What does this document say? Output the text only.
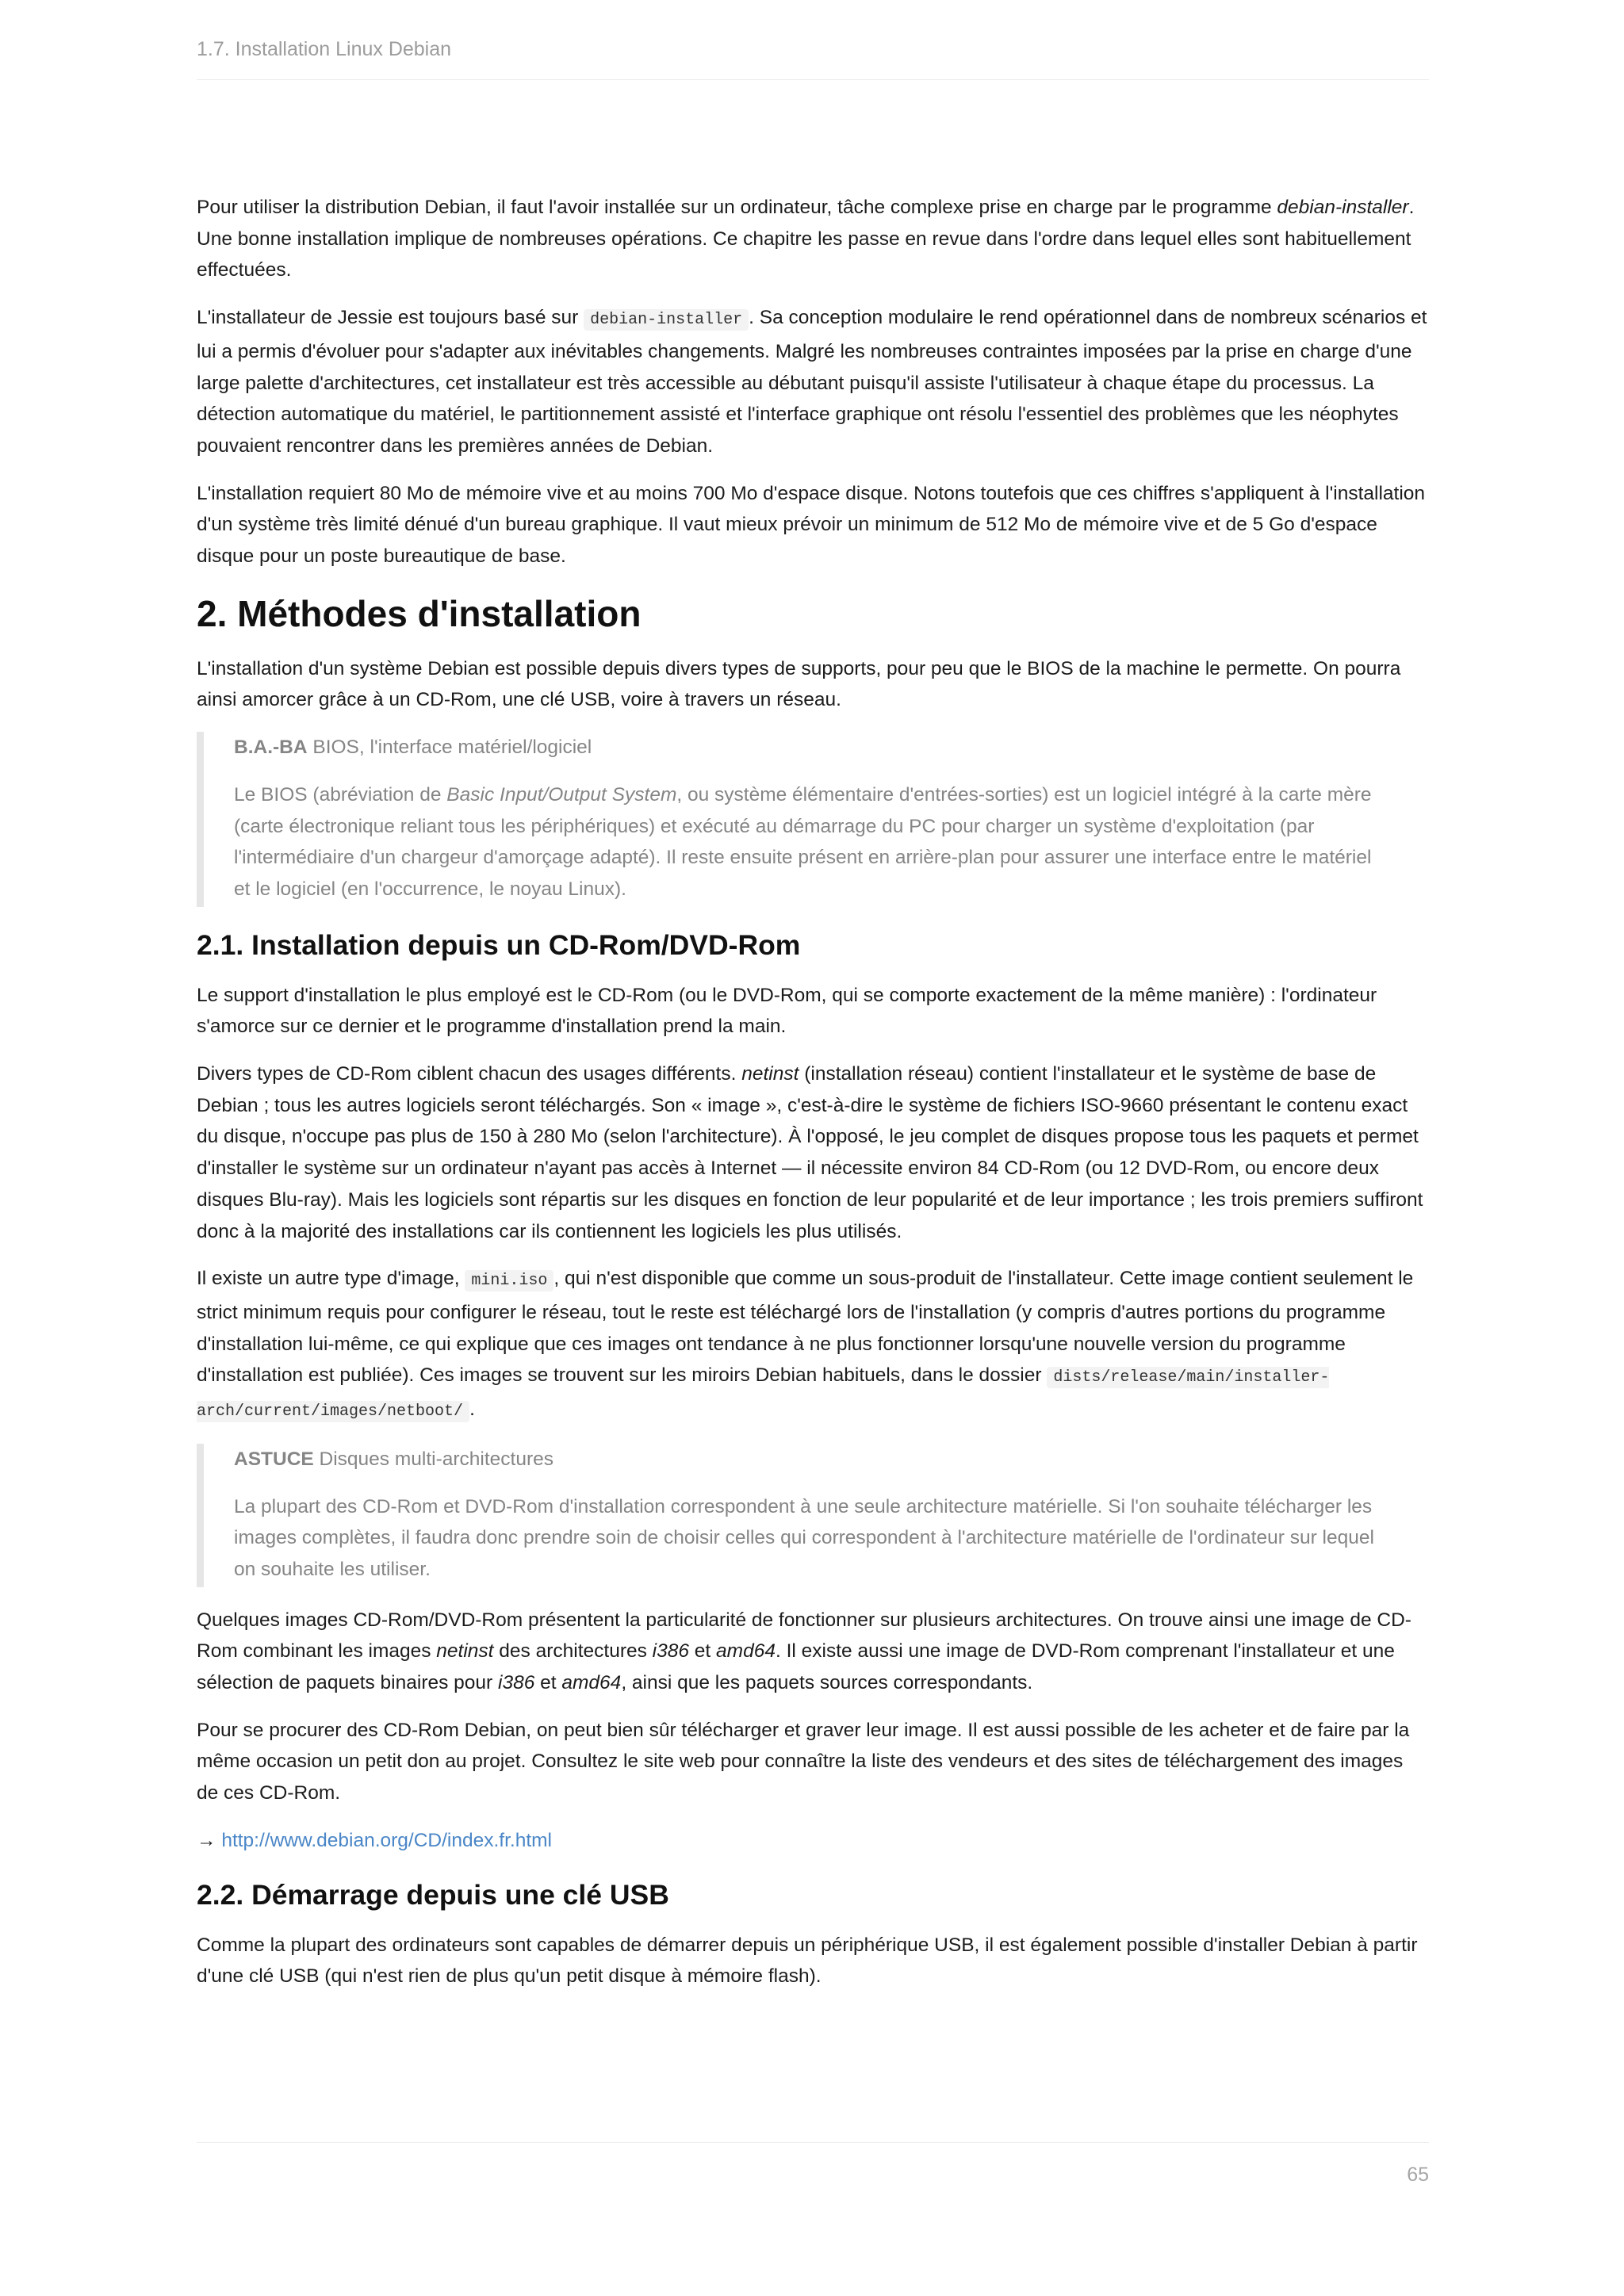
1.7. Installation Linux Debian

Pour utiliser la distribution Debian, il faut l'avoir installée sur un ordinateur, tâche complexe prise en charge par le programme debian-installer. Une bonne installation implique de nombreuses opérations. Ce chapitre les passe en revue dans l'ordre dans lequel elles sont habituellement effectuées.

L'installateur de Jessie est toujours basé sur debian-installer . Sa conception modulaire le rend opérationnel dans de nombreux scénarios et lui a permis d'évoluer pour s'adapter aux inévitables changements. Malgré les nombreuses contraintes imposées par la prise en charge d'une large palette d'architectures, cet installateur est très accessible au débutant puisqu'il assiste l'utilisateur à chaque étape du processus. La détection automatique du matériel, le partitionnement assisté et l'interface graphique ont résolu l'essentiel des problèmes que les néophytes pouvaient rencontrer dans les premières années de Debian.

L'installation requiert 80 Mo de mémoire vive et au moins 700 Mo d'espace disque. Notons toutefois que ces chiffres s'appliquent à l'installation d'un système très limité dénué d'un bureau graphique. Il vaut mieux prévoir un minimum de 512 Mo de mémoire vive et de 5 Go d'espace disque pour un poste bureautique de base.

2. Méthodes d'installation

L'installation d'un système Debian est possible depuis divers types de supports, pour peu que le BIOS de la machine le permette. On pourra ainsi amorcer grâce à un CD-Rom, une clé USB, voire à travers un réseau.

B.A.-BA BIOS, l'interface matériel/logiciel

Le BIOS (abréviation de Basic Input/Output System, ou système élémentaire d'entrées-sorties) est un logiciel intégré à la carte mère (carte électronique reliant tous les périphériques) et exécuté au démarrage du PC pour charger un système d'exploitation (par l'intermédiaire d'un chargeur d'amorçage adapté). Il reste ensuite présent en arrière-plan pour assurer une interface entre le matériel et le logiciel (en l'occurrence, le noyau Linux).

2.1. Installation depuis un CD-Rom/DVD-Rom

Le support d'installation le plus employé est le CD-Rom (ou le DVD-Rom, qui se comporte exactement de la même manière) : l'ordinateur s'amorce sur ce dernier et le programme d'installation prend la main.

Divers types de CD-Rom ciblent chacun des usages différents. netinst (installation réseau) contient l'installateur et le système de base de Debian ; tous les autres logiciels seront téléchargés. Son « image », c'est-à-dire le système de fichiers ISO-9660 présentant le contenu exact du disque, n'occupe pas plus de 150 à 280 Mo (selon l'architecture). À l'opposé, le jeu complet de disques propose tous les paquets et permet d'installer le système sur un ordinateur n'ayant pas accès à Internet — il nécessite environ 84 CD-Rom (ou 12 DVD-Rom, ou encore deux disques Blu-ray). Mais les logiciels sont répartis sur les disques en fonction de leur popularité et de leur importance ; les trois premiers suffiront donc à la majorité des installations car ils contiennent les logiciels les plus utilisés.

Il existe un autre type d'image, mini.iso , qui n'est disponible que comme un sous-produit de l'installateur. Cette image contient seulement le strict minimum requis pour configurer le réseau, tout le reste est téléchargé lors de l'installation (y compris d'autres portions du programme d'installation lui-même, ce qui explique que ces images ont tendance à ne plus fonctionner lorsqu'une nouvelle version du programme d'installation est publiée). Ces images se trouvent sur les miroirs Debian habituels, dans le dossier dists/release/main/installer-arch/current/images/netboot/ .

ASTUCE Disques multi-architectures

La plupart des CD-Rom et DVD-Rom d'installation correspondent à une seule architecture matérielle. Si l'on souhaite télécharger les images complètes, il faudra donc prendre soin de choisir celles qui correspondent à l'architecture matérielle de l'ordinateur sur lequel on souhaite les utiliser.

Quelques images CD-Rom/DVD-Rom présentent la particularité de fonctionner sur plusieurs architectures. On trouve ainsi une image de CD-Rom combinant les images netinst des architectures i386 et amd64. Il existe aussi une image de DVD-Rom comprenant l'installateur et une sélection de paquets binaires pour i386 et amd64, ainsi que les paquets sources correspondants.

Pour se procurer des CD-Rom Debian, on peut bien sûr télécharger et graver leur image. Il est aussi possible de les acheter et de faire par la même occasion un petit don au projet. Consultez le site web pour connaître la liste des vendeurs et des sites de téléchargement des images de ces CD-Rom.

→ http://www.debian.org/CD/index.fr.html

2.2. Démarrage depuis une clé USB

Comme la plupart des ordinateurs sont capables de démarrer depuis un périphérique USB, il est également possible d'installer Debian à partir d'une clé USB (qui n'est rien de plus qu'un petit disque à mémoire flash).

65
